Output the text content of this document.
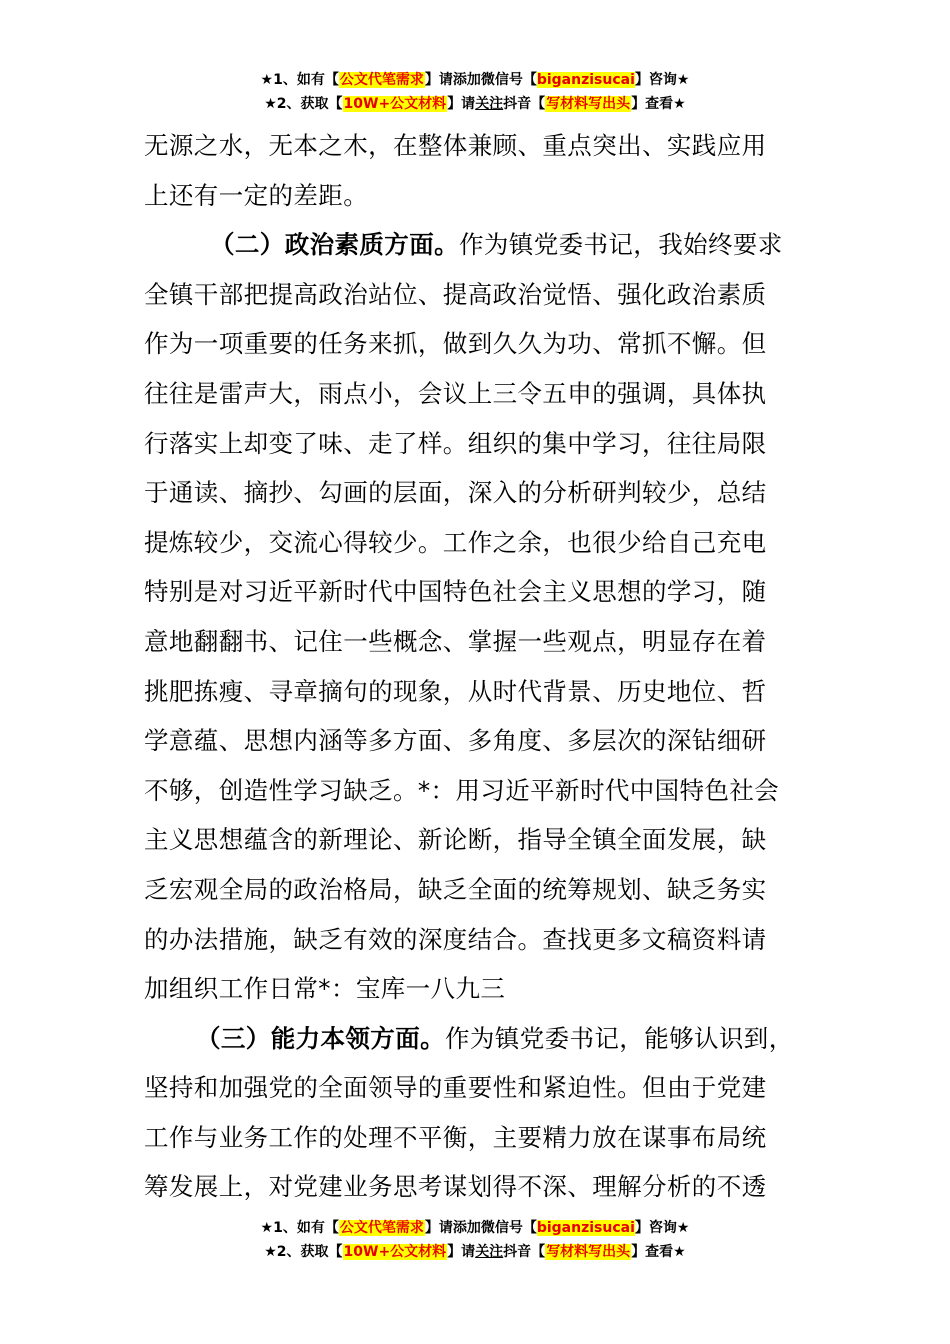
★1、如有【公文代笔需求】请添加微信号【biganzisucai】咨询★
★2、获取【10W+公文材料】请关注抖音【写材料写出头】查看★
无源之水，无本之木，在整体兼顾、重点突出、实践应用
上还有一定的差距。
（二）政治素质方面。作为镇党委书记，我始终要求
全镇干部把提高政治站位、提高政治觉悟、强化政治素质
作为一项重要的任务来抓，做到久久为功、常抓不懈。但
往往是雷声大，雨点小，会议上三令五申的强调，具体执
行落实上却变了味、走了样。组织的集中学习，往往局限
于通读、摘抄、勾画的层面，深入的分析研判较少，总结
提炼较少，交流心得较少。工作之余，也很少给自己充电
特别是对习近平新时代中国特色社会主义思想的学习，随
意地翻翻书、记住一些概念、掌握一些观点，明显存在着
挑肥拣瘦、寻章摘句的现象，从时代背景、历史地位、哲
学意蕴、思想内涵等多方面、多角度、多层次的深钻细研
不够，创造性学习缺乏。*：用习近平新时代中国特色社会
主义思想蕴含的新理论、新论断，指导全镇全面发展，缺
乏宏观全局的政治格局，缺乏全面的统筹规划、缺乏务实
的办法措施，缺乏有效的深度结合。查找更多文稿资料请
加组织工作日常*：宝库一八九三
（三）能力本领方面。作为镇党委书记，能够认识到，
坚持和加强党的全面领导的重要性和紧迫性。但由于党建
工作与业务工作的处理不平衡，主要精力放在谋事布局统
筹发展上，对党建业务思考谋划得不深、理解分析的不透
★1、如有【公文代笔需求】请添加微信号【biganzisucai】咨询★
★2、获取【10W+公文材料】请关注抖音【写材料写出头】查看★
